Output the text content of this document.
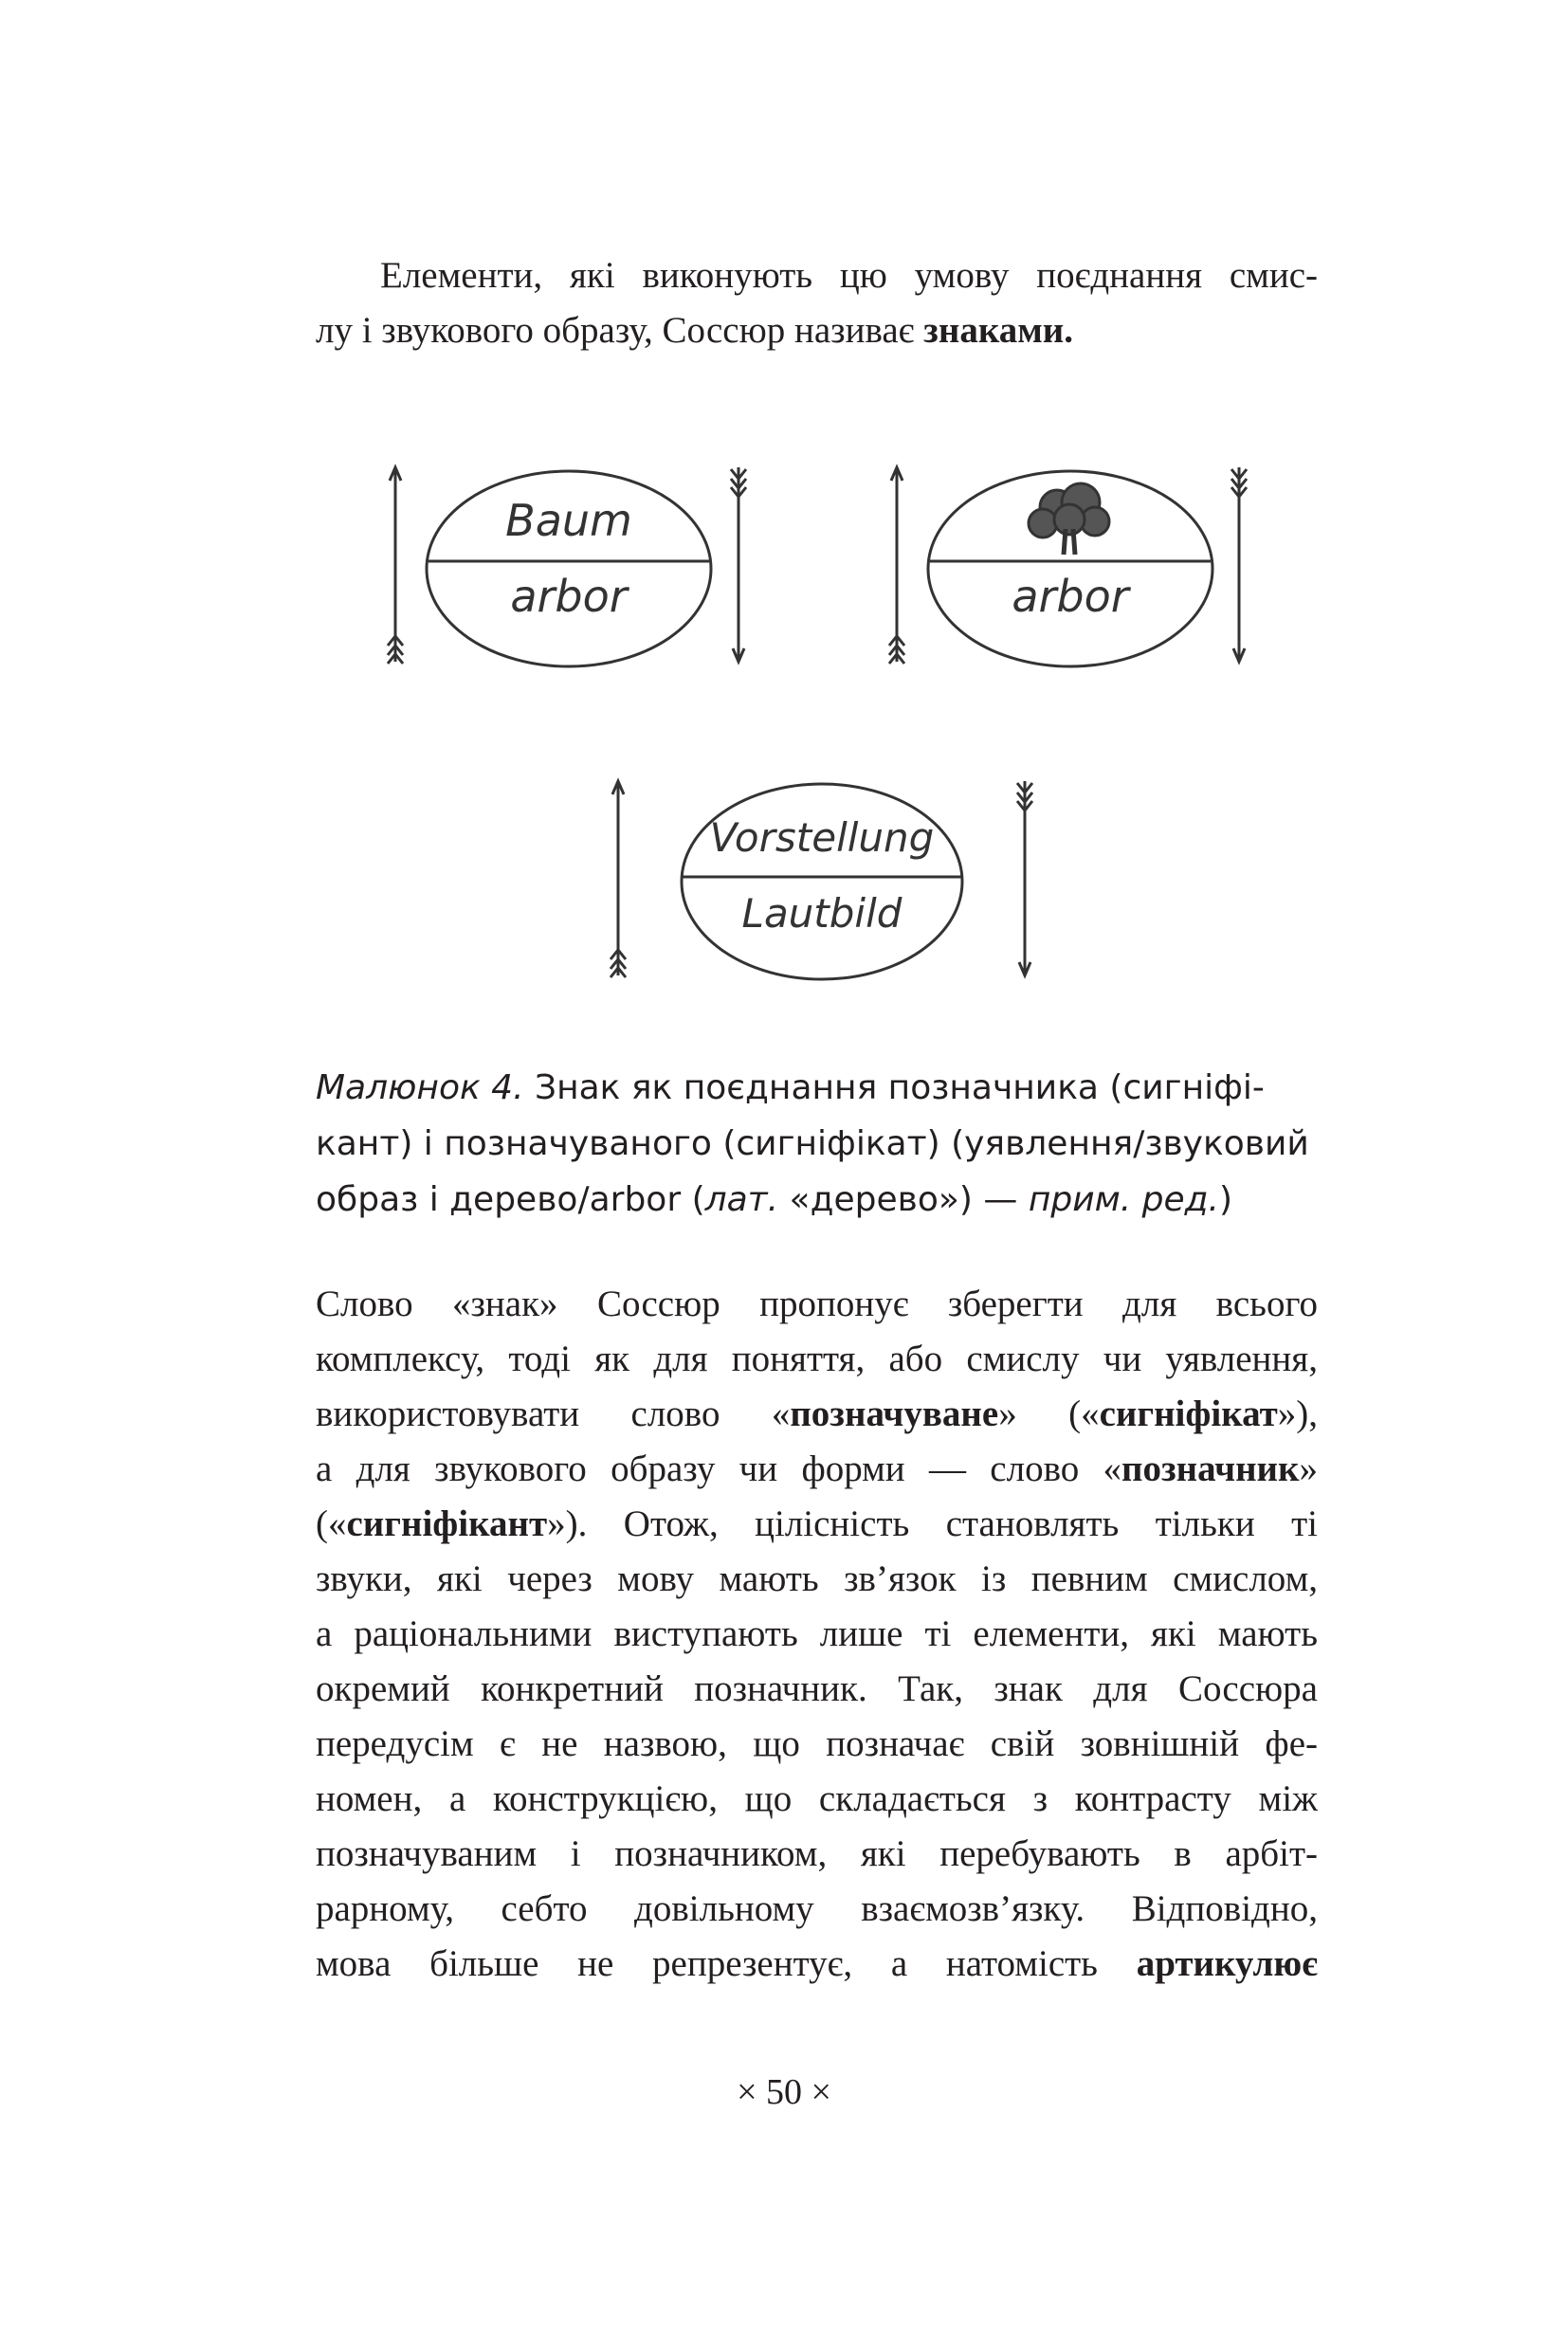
Елементи, які виконують цю умову поєднання смис-
лу і звукового образу, Соссюр називає знаками.
Baum
arbor	arbor
Vorstellung
Lautbild
Малюнок 4. Знак як поєднання позначника (сигніфі-
кант) і позначуваного (сигніфікат) (уявлення/звуковий
образ і дерево/arbor (лат. «дерево») — прим. ред.)
Слово «знак» Соссюр пропонує зберегти для всього
комплексу, тоді як для поняття, або смислу чи уявлення,
використовувати слово «позначуване» («сигніфікат»),
а для звукового образу чи форми — слово «позначник»
(«сигніфікант»). Отож, цілісність становлять тільки ті
звуки, які через мову мають зв’язок із певним смислом,
а раціональними виступають лише ті елементи, які мають
окремий конкретний позначник. Так, знак для Соссюра
передусім є не назвою, що позначає свій зовнішній фе-
номен, а конструкцією, що складається з контрасту між
позначуваним і позначником, які перебувають в арбіт-
рарному, себто довільному взаємозв’язку. Відповідно,
мова більше не репрезентує, а натомість артикулює
× 50 ×
